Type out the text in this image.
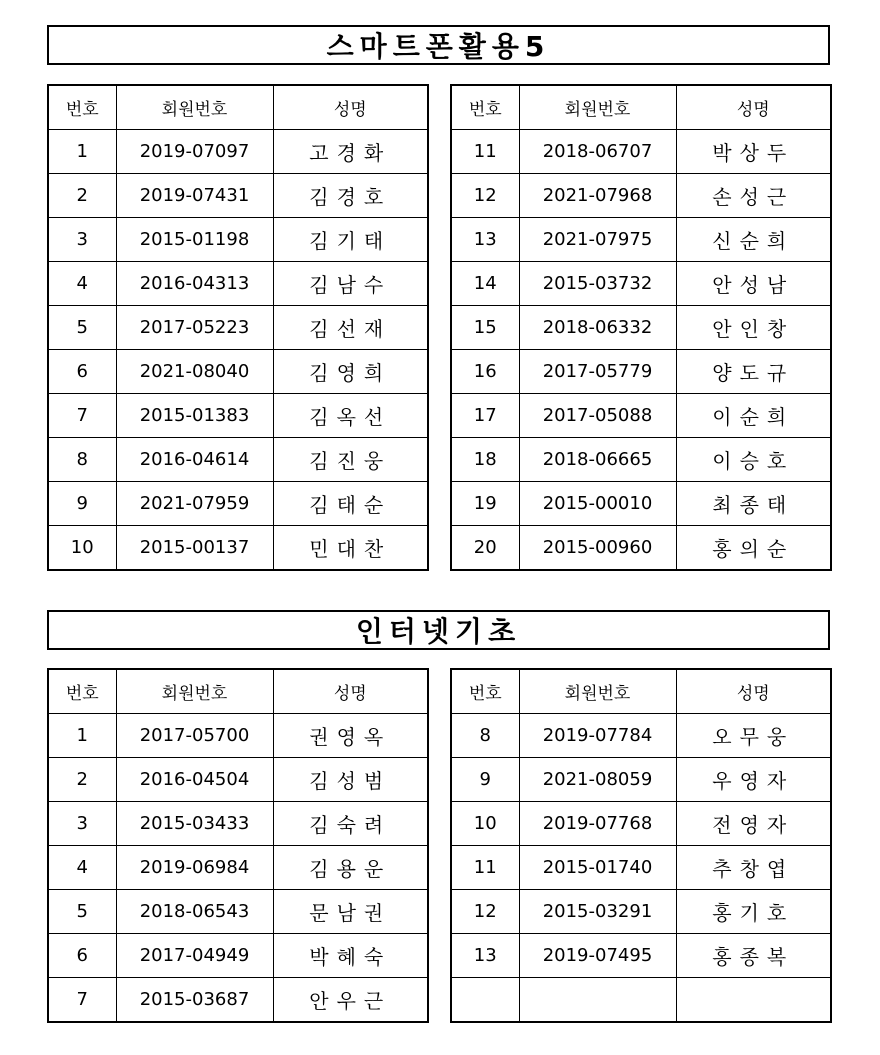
스마트폰활용5
번호	회원번호	성명
1	2019-07097	고경화
2	2019-07431	김경호
3	2015-01198	김기태
4	2016-04313	김남수
5	2017-05223	김선재
6	2021-08040	김영희
7	2015-01383	김옥선
8	2016-04614	김진웅
9	2021-07959	김태순
10	2015-00137	민대찬
번호	회원번호	성명
11	2018-06707	박상두
12	2021-07968	손성근
13	2021-07975	신순희
14	2015-03732	안성남
15	2018-06332	안인창
16	2017-05779	양도규
17	2017-05088	이순희
18	2018-06665	이승호
19	2015-00010	최종태
20	2015-00960	홍의순
인터넷기초
번호	회원번호	성명
1	2017-05700	권영옥
2	2016-04504	김성범
3	2015-03433	김숙려
4	2019-06984	김용운
5	2018-06543	문남권
6	2017-04949	박혜숙
7	2015-03687	안우근
번호	회원번호	성명
8	2019-07784	오무웅
9	2021-08059	우영자
10	2019-07768	전영자
11	2015-01740	추창엽
12	2015-03291	홍기호
13	2019-07495	홍종복
